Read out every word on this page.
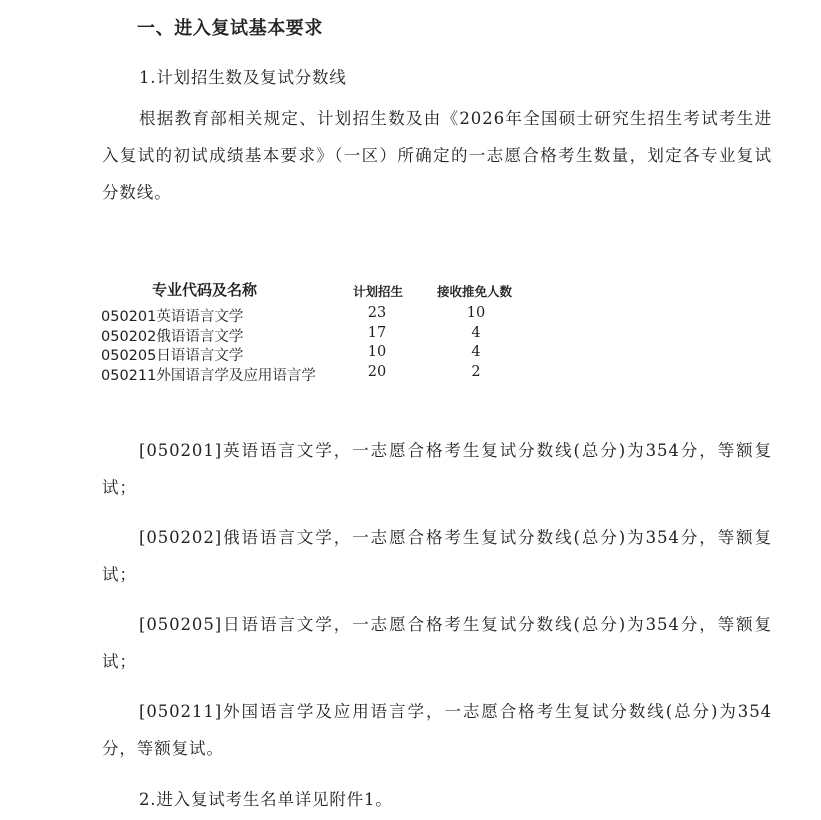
一、进入复试基本要求
1.计划招生数及复试分数线
根据教育部相关规定、计划招生数及由《2026年全国硕士研究生招生考试考生进入复试的初试成绩基本要求》（一区）所确定的一志愿合格考生数量，划定各专业复试分数线。
专业代码及名称	计划招生	接收推免人数
050201英语语言文学	23	10
050202俄语语言文学	17	4
050205日语语言文学	10	4
050211外国语言学及应用语言学	20	2
[050201]英语语言文学，一志愿合格考生复试分数线(总分)为354分，等额复试；
[050202]俄语语言文学，一志愿合格考生复试分数线(总分)为354分，等额复试；
[050205]日语语言文学，一志愿合格考生复试分数线(总分)为354分，等额复试；
[050211]外国语言学及应用语言学，一志愿合格考生复试分数线(总分)为354分，等额复试。
2.进入复试考生名单详见附件1。
